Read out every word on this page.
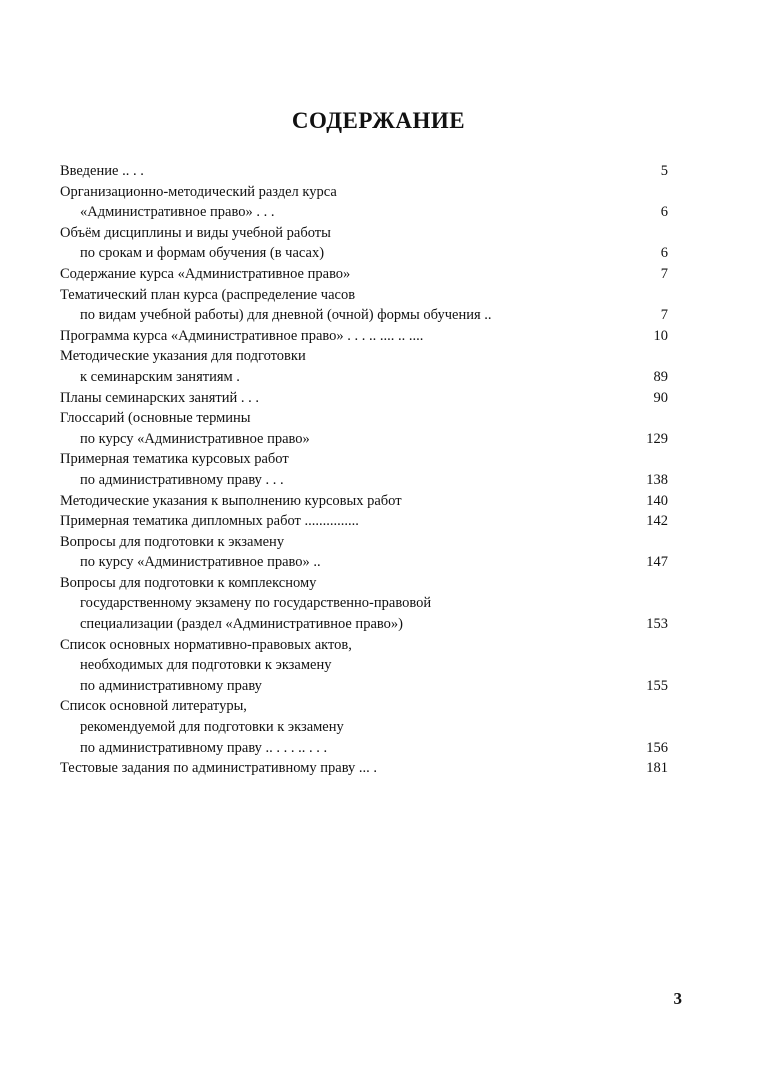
СОДЕРЖАНИЕ
Введение .. . .	5
Организационно-методический раздел курса
«Административное право» . . .	6
Объём дисциплины и виды учебной работы
по срокам и формам обучения (в часах)	6
Содержание курса «Административное право»	7
Тематический план курса (распределение часов
по видам учебной работы) для дневной (очной) формы обучения ..	7
Программа курса «Административное право» . . . .. .... .. ....	10
Методические указания для подготовки
к семинарским занятиям .	89
Планы семинарских занятий . . .	90
Глоссарий (основные термины
по курсу «Административное право»	129
Примерная тематика курсовых работ
по административному праву . . .	138
Методические указания к выполнению курсовых работ	140
Примерная тематика дипломных работ ...............	142
Вопросы для подготовки к экзамену
по курсу «Административное право» ..	147
Вопросы для подготовки к комплексному
государственному экзамену по государственно-правовой
специализации (раздел «Административное право»)	153
Список основных нормативно-правовых актов,
необходимых для подготовки к экзамену
по административному праву	155
Список основной литературы,
рекомендуемой для подготовки к экзамену
по административному праву .. . . . .. . . .	156
Тестовые задания по административному праву ... .	181
3
